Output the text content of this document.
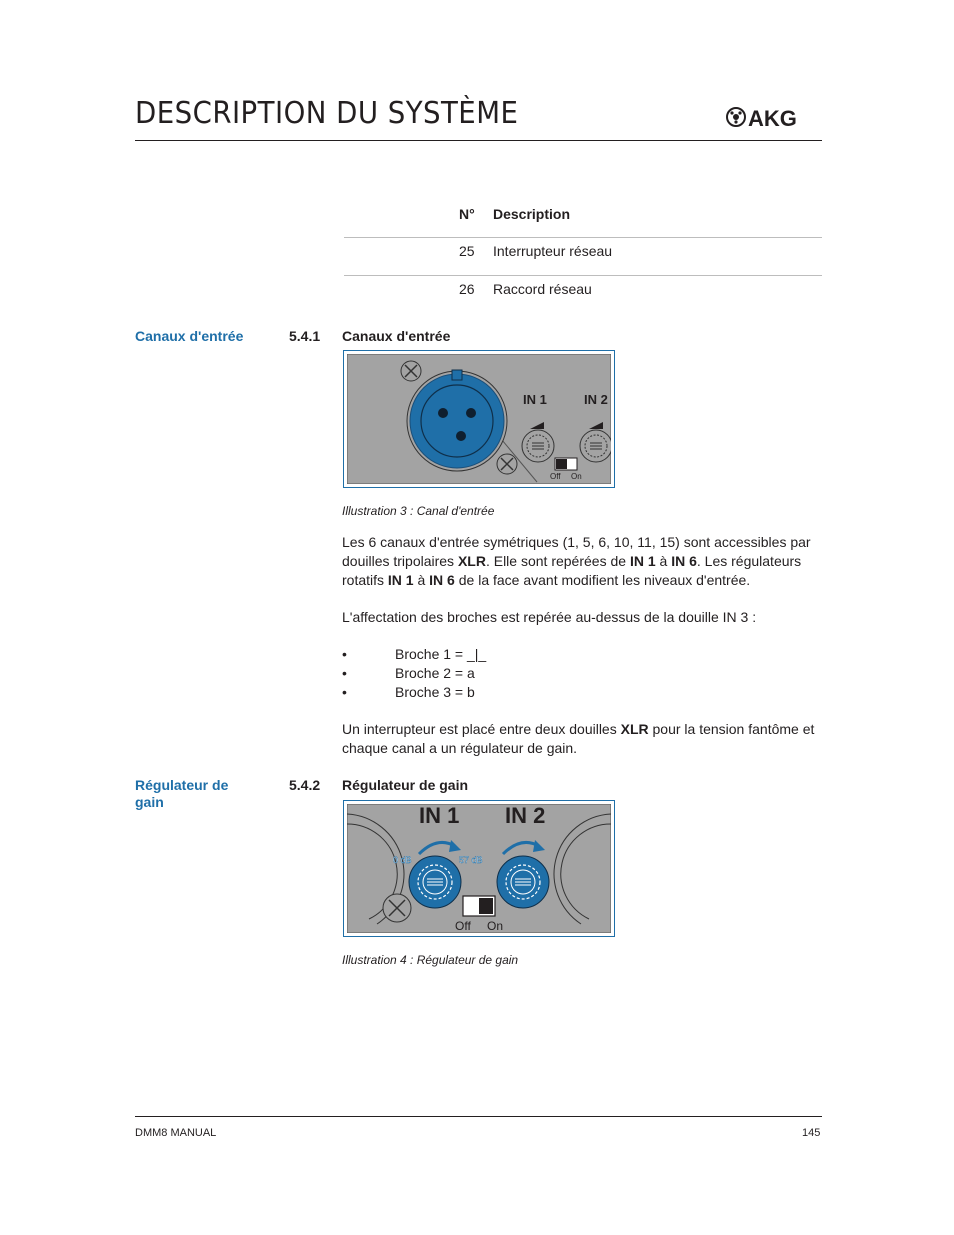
DESCRIPTION DU SYSTÈME	AKG
N° Description
25 Interrupteur réseau
26 Raccord réseau
Canaux d'entrée	5.4.1 Canaux d'entrée
IN 1	IN 2
Off On
Illustration 3 : Canal d'entrée
Les 6 canaux d'entrée symétriques (1, 5, 6, 10, 11, 15) sont accessibles par douilles tripolaires XLR. Elle sont repérées de IN 1 à IN 6. Les régulateurs rotatifs IN 1 à IN 6 de la face avant modifient les niveaux d'entrée.
L'affectation des broches est repérée au-dessus de la douille IN 3 :
•	Broche 1 = _|_
•	Broche 2 = a
•	Broche 3 = b
Un interrupteur est placé entre deux douilles XLR pour la tension fantôme et chaque canal a un régulateur de gain.
Régulateur de
gain
5.4.2 Régulateur de gain
IN 1 IN 2
0 dB	57 dB
Off On
Illustration 4 : Régulateur de gain
DMM8 MANUAL	145
